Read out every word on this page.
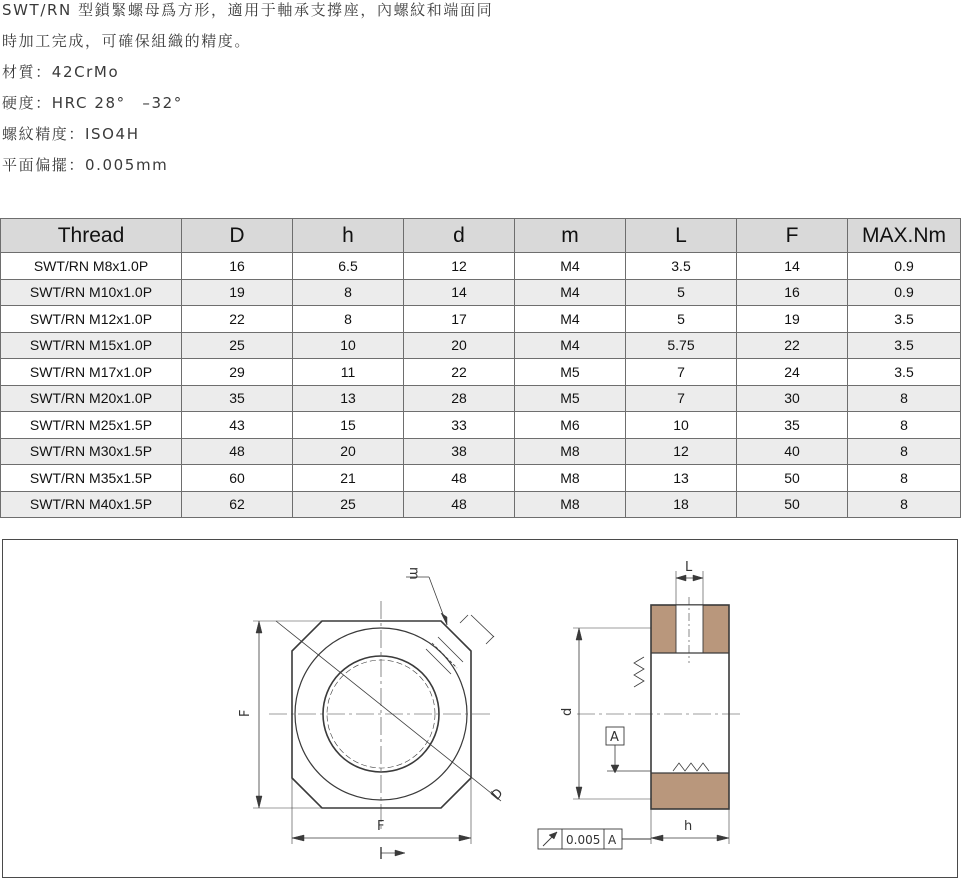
SWT/RN 型鎖緊螺母爲方形，適用于軸承支撐座，內螺紋和端面同

時加工完成，可確保組織的精度。

材質：42CrMo

硬度：HRC 28°　–32°

螺紋精度：ISO4H

平面偏擺：0.005mm

Thread	D	h	d	m	L	F	MAX.Nm
SWT/RN M8x1.0P	16	6.5	12	M4	3.5	14	0.9
SWT/RN M10x1.0P	19	8	14	M4	5	16	0.9
SWT/RN M12x1.0P	22	8	17	M4	5	19	3.5
SWT/RN M15x1.0P	25	10	20	M4	5.75	22	3.5
SWT/RN M17x1.0P	29	11	22	M5	7	24	3.5
SWT/RN M20x1.0P	35	13	28	M5	7	30	8
SWT/RN M25x1.5P	43	15	33	M6	10	35	8
SWT/RN M30x1.5P	48	20	38	M8	12	40	8
SWT/RN M35x1.5P	60	21	48	M8	13	50	8
SWT/RN M40x1.5P	62	25	48	M8	18	50	8
m
F
F
D
L
d
A
h
0.005 A
